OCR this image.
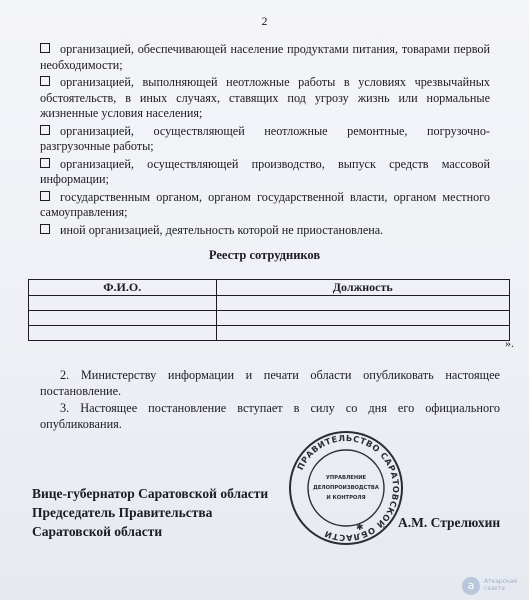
2
организацией, обеспечивающей население продуктами питания, товарами первой необходимости;
организацией, выполняющей неотложные работы в условиях чрезвычайных обстоятельств, в иных случаях, ставящих под угрозу жизнь или нормальные жизненные условия населения;
организацией, осуществляющей неотложные ремонтные, погрузочно-разгрузочные работы;
организацией, осуществляющей производство, выпуск средств массовой информации;
государственным органом, органом государственной власти, органом местного самоуправления;
иной организацией, деятельность которой не приостановлена.
Реестр сотрудников
Ф.И.О.	Должность

».
2. Министерству информации и печати области опубликовать настоящее постановление.
3. Настоящее постановление вступает в силу со дня его официального опубликования.
ПРАВИТЕЛЬСТВО САРАТОВСКОЙ ОБЛАСТИ
УПРАВЛЕНИЕ
ДЕЛОПРОИЗВОДСТВА
И КОНТРОЛЯ
✱
Вице-губернатор Саратовской области
Председатель Правительства
Саратовской области
А.М. Стрелюхин
a	Аткарская
газета
